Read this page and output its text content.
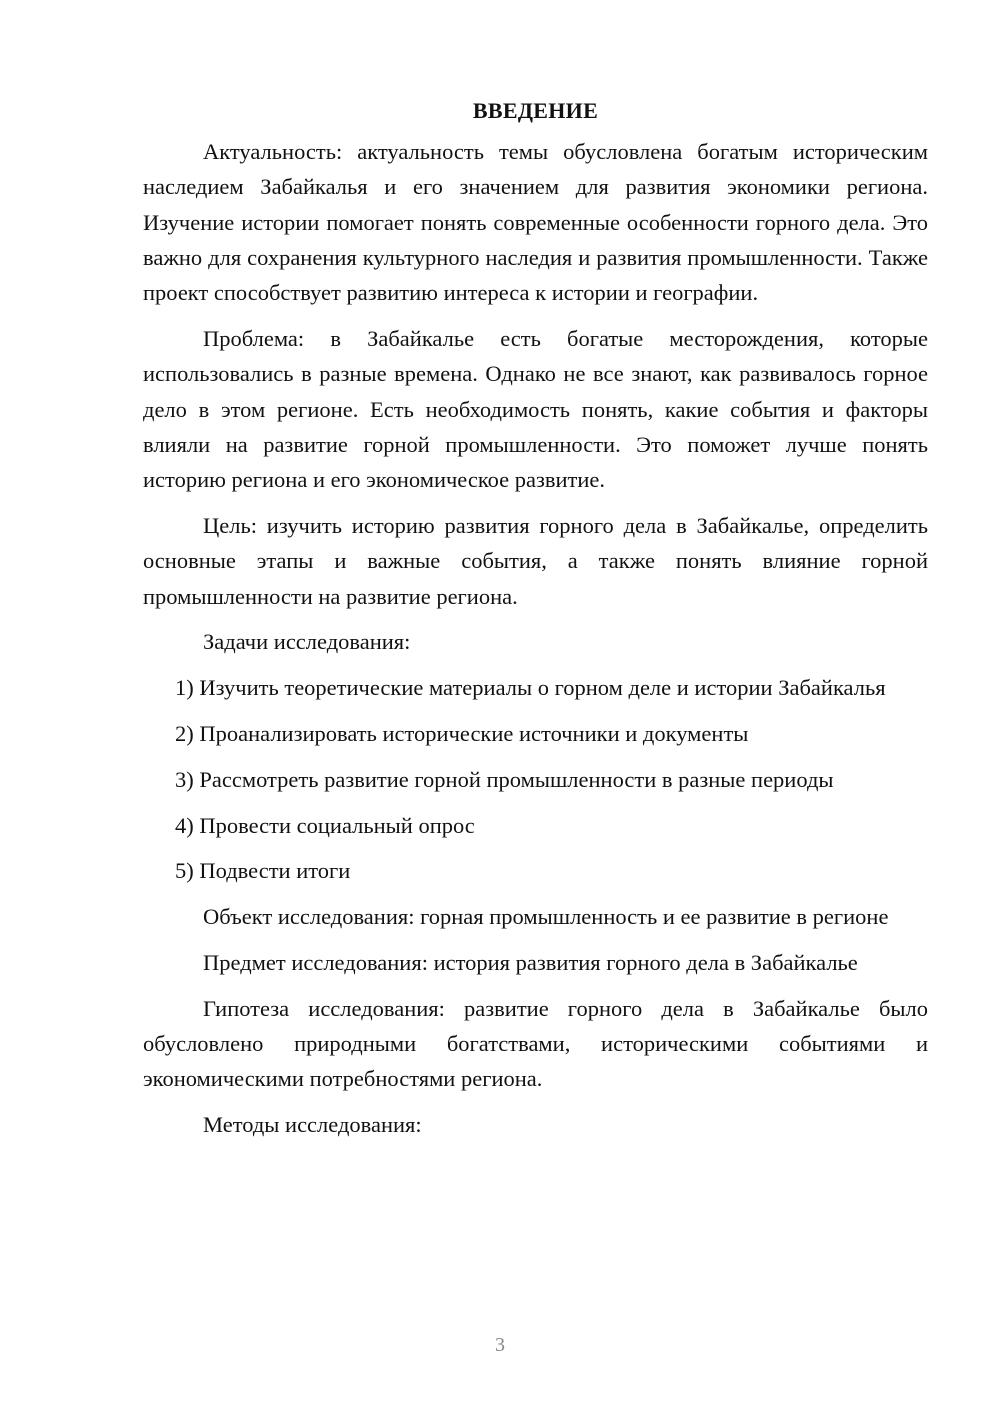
ВВЕДЕНИЕ

Актуальность: актуальность темы обусловлена богатым историческим наследием Забайкалья и его значением для развития экономики региона. Изучение истории помогает понять современные особенности горного дела. Это важно для сохранения культурного наследия и развития промышленности. Также проект способствует развитию интереса к истории и географии.

Проблема: в Забайкалье есть богатые месторождения, которые использовались в разные времена. Однако не все знают, как развивалось горное дело в этом регионе. Есть необходимость понять, какие события и факторы влияли на развитие горной промышленности. Это поможет лучше понять историю региона и его экономическое развитие.

Цель: изучить историю развития горного дела в Забайкалье, определить основные этапы и важные события, а также понять влияние горной промышленности на развитие региона.

Задачи исследования:

1) Изучить теоретические материалы о горном деле и истории Забайкалья

2) Проанализировать исторические источники и документы

3) Рассмотреть развитие горной промышленности в разные периоды

4) Провести социальный опрос

5) Подвести итоги

Объект исследования: горная промышленность и ее развитие в регионе

Предмет исследования: история развития горного дела в Забайкалье

Гипотеза исследования: развитие горного дела в Забайкалье было обусловлено природными богатствами, историческими событиями и экономическими потребностями региона.

Методы исследования:

3
